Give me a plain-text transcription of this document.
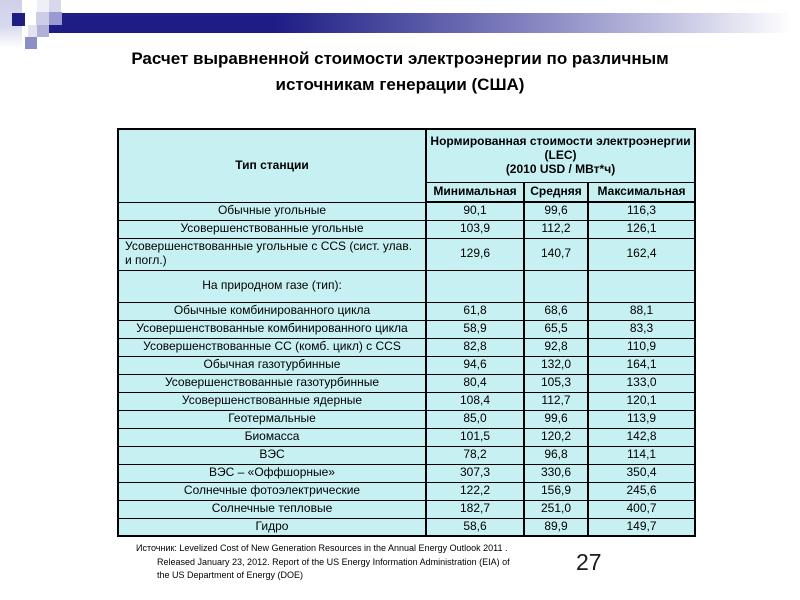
Расчет выравненной стоимости электроэнергии по различным
источникам генерации (США)
Тип станции	Нормированная стоимости электроэнергии (LEC)
(2010 USD / МВт*ч)		

	Минимальная	Средняя	Максимальная
Обычные угольные	90,1	99,6	116,3
Усовершенствованные угольные	103,9	112,2	126,1
Усовершенствованные угольные с CCS (сист. улав. и погл.)	129,6	140,7	162,4
На природном газе (тип):			
Обычные комбинированного цикла	61,8	68,6	88,1
Усовершенствованные комбинированного цикла	58,9	65,5	83,3
Усовершенствованные СС (комб. цикл) с CCS	82,8	92,8	110,9
Обычная газотурбинные	94,6	132,0	164,1
Усовершенствованные газотурбинные	80,4	105,3	133,0
Усовершенствованные ядерные	108,4	112,7	120,1
Геотермальные	85,0	99,6	113,9
Биомасса	101,5	120,2	142,8
ВЭС	78,2	96,8	114,1
ВЭС – «Оффшорные»	307,3	330,6	350,4
Солнечные фотоэлектрические	122,2	156,9	245,6
Солнечные тепловые	182,7	251,0	400,7
Гидро	58,6	89,9	149,7
Источник: Levelized Cost of New Generation Resources in the Annual Energy Outlook 2011 .
Released January 23, 2012. Report of the US Energy Information Administration (EIA) of
the US Department of Energy (DOE)	27
